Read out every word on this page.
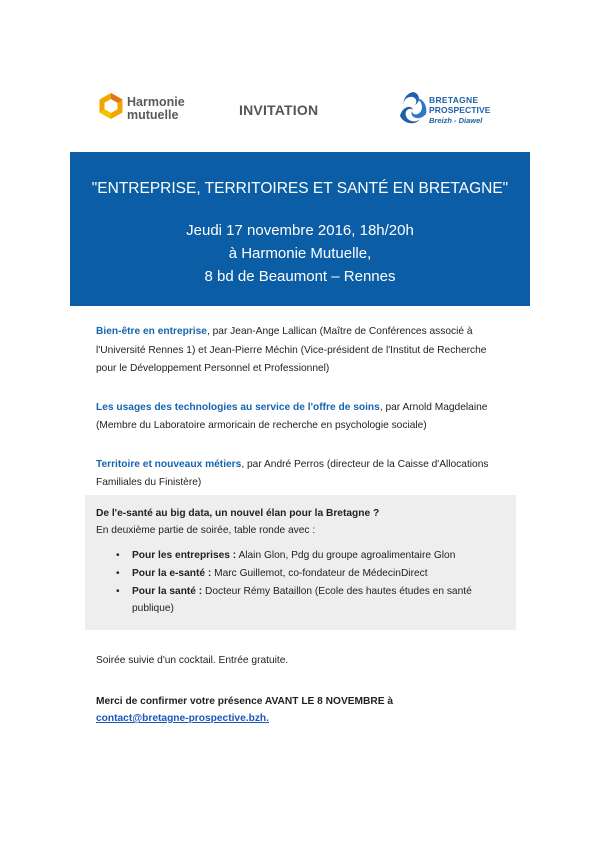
Harmonie
mutuelle	INVITATION
BRETAGNE
PROSPECTIVE
Breizh - Diawel
"ENTREPRISE, TERRITOIRES ET SANTÉ EN BRETAGNE"
Jeudi 17 novembre 2016, 18h/20h
à Harmonie Mutuelle,
8 bd de Beaumont – Rennes

Bien-être en entreprise, par Jean-Ange Lallican (Maître de Conférences associé à l'Université Rennes 1) et Jean-Pierre Méchin (Vice-président de l'Institut de Recherche pour le Développement Personnel et Professionnel)

Les usages des technologies au service de l'offre de soins, par Arnold Magdelaine (Membre du Laboratoire armoricain de recherche en psychologie sociale)

Territoire et nouveaux métiers, par André Perros (directeur de la Caisse d'Allocations Familiales du Finistère)

De l'e-santé au big data, un nouvel élan pour la Bretagne ?
En deuxième partie de soirée, table ronde avec :
• Pour les entreprises : Alain Glon, Pdg du groupe agroalimentaire Glon
• Pour la e-santé : Marc Guillemot, co-fondateur de MédecinDirect
• Pour la santé : Docteur Rémy Bataillon (Ecole des hautes études en santé publique)

Soirée suivie d'un cocktail. Entrée gratuite.

Merci de confirmer votre présence AVANT LE 8 NOVEMBRE à

contact@bretagne-prospective.bzh.
